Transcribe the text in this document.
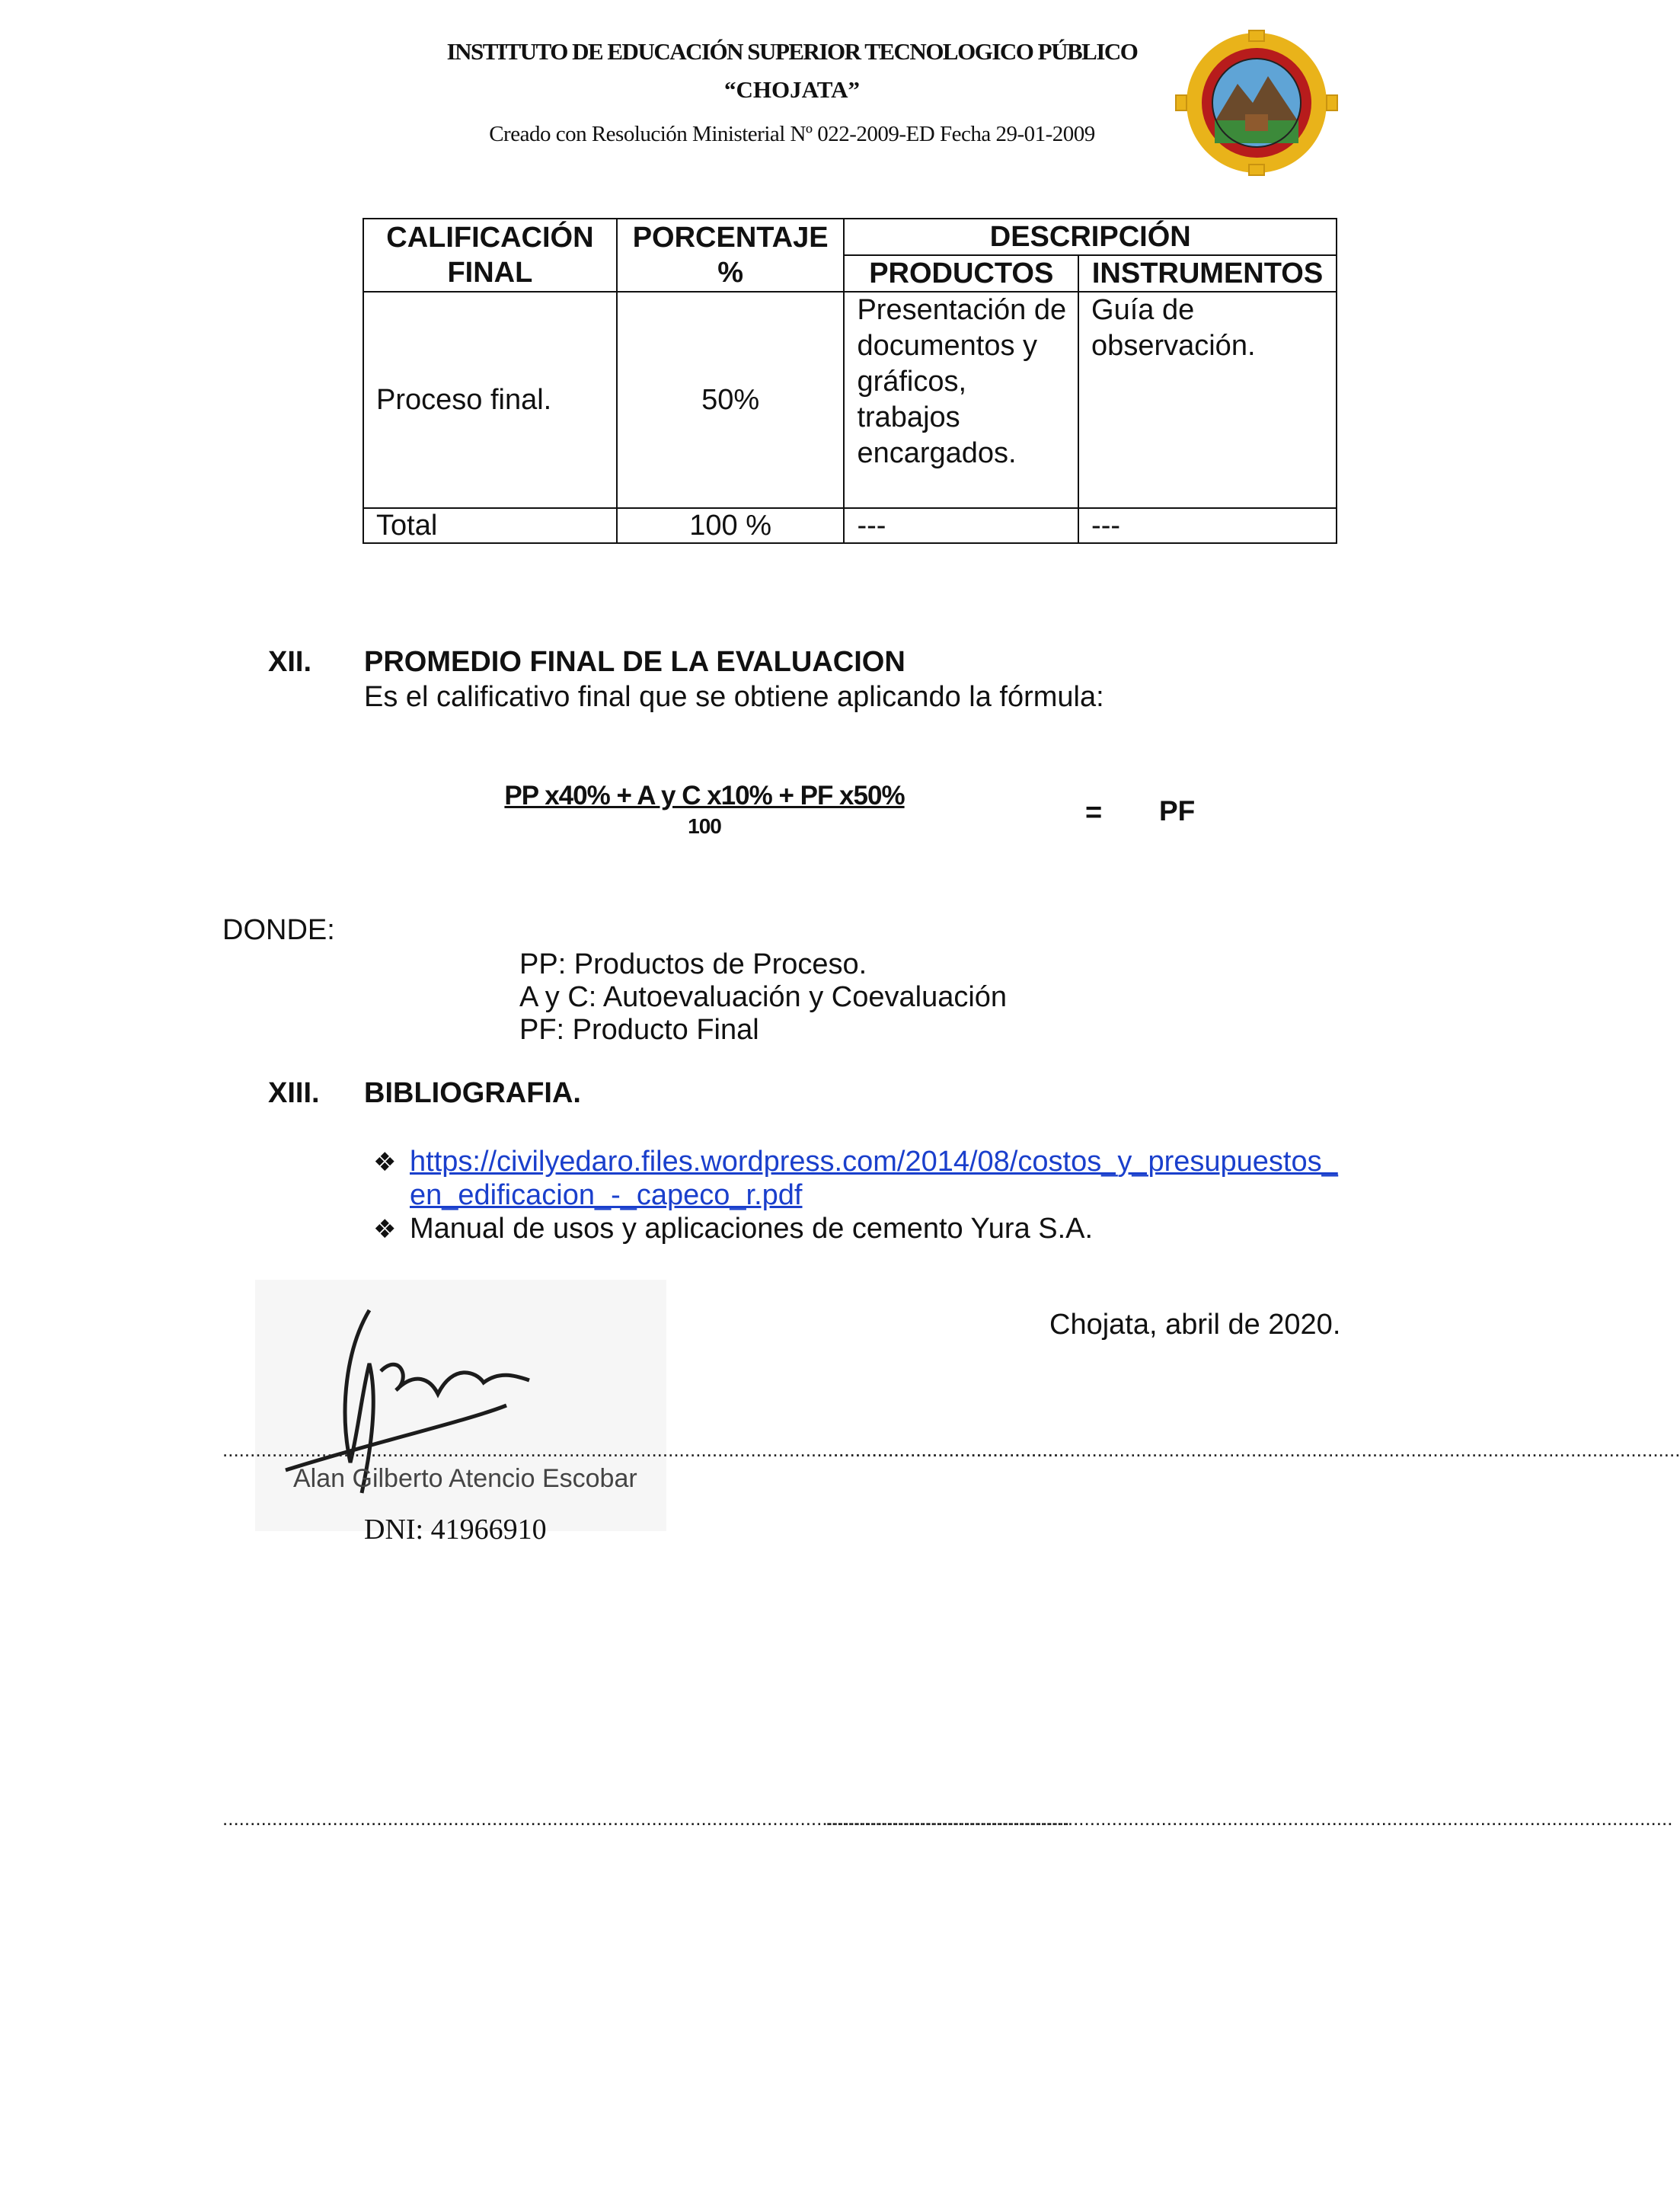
INSTITUTO DE EDUCACIÓN SUPERIOR TECNOLOGICO PÚBLICO
“CHOJATA”
Creado con Resolución Ministerial Nº 022-2009-ED Fecha 29-01-2009
CALIFICACIÓN FINAL	PORCENTAJE %	DESCRIPCIÓN	
		PRODUCTOS	INSTRUMENTOS
Proceso final.	50%	Presentación de documentos y gráficos, trabajos encargados.	Guía de observación.
Total	100 %	---	---
XII. PROMEDIO FINAL DE LA EVALUACION
Es el calificativo final que se obtiene aplicando la fórmula:
PP x40% + A y C x10% + PF x50%
100	= PF
DONDE:
PP: Productos de Proceso.
A y C: Autoevaluación y Coevaluación
PF: Producto Final
XIII. BIBLIOGRAFIA.
❖ https://civilyedaro.files.wordpress.com/2014/08/costos_y_presupuestos_
en_edificacion_-_capeco_r.pdf
❖ Manual de usos y aplicaciones de cemento Yura S.A.
Chojata, abril de 2020.
Alan Gilberto Atencio Escobar
..........................................................................................................................................................
..........................................................................................................................................................
DNI: 41966910
..........................................................................................................................................................
..........................................................................................................................................................
